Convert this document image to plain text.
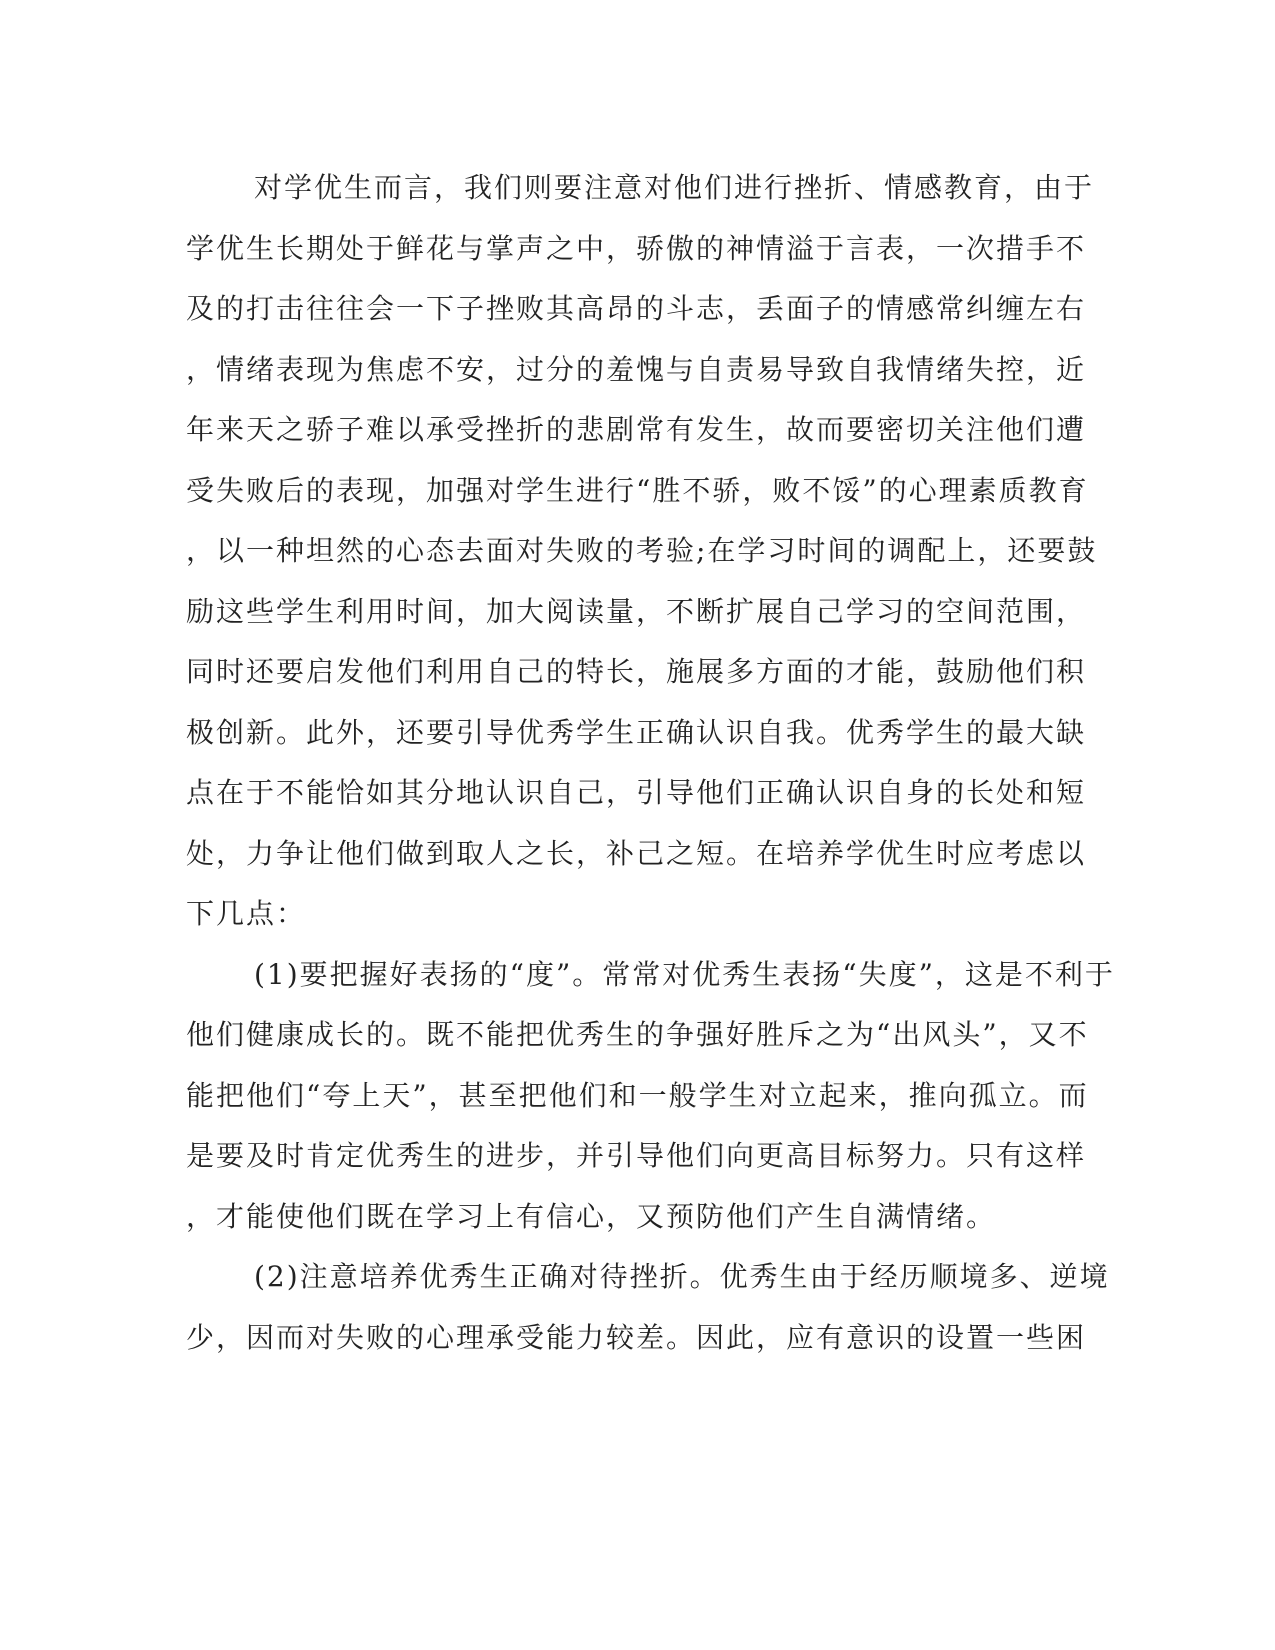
对学优生而言，我们则要注意对他们进行挫折、情感教育，由于
学优生长期处于鲜花与掌声之中，骄傲的神情溢于言表，一次措手不
及的打击往往会一下子挫败其高昂的斗志，丢面子的情感常纠缠左右
，情绪表现为焦虑不安，过分的羞愧与自责易导致自我情绪失控，近
年来天之骄子难以承受挫折的悲剧常有发生，故而要密切关注他们遭
受失败后的表现，加强对学生进行“胜不骄，败不馁”的心理素质教育
，以一种坦然的心态去面对失败的考验;在学习时间的调配上，还要鼓
励这些学生利用时间，加大阅读量，不断扩展自己学习的空间范围，
同时还要启发他们利用自己的特长，施展多方面的才能，鼓励他们积
极创新。此外，还要引导优秀学生正确认识自我。优秀学生的最大缺
点在于不能恰如其分地认识自己，引导他们正确认识自身的长处和短
处，力争让他们做到取人之长，补己之短。在培养学优生时应考虑以
下几点：
(1)要把握好表扬的“度”。常常对优秀生表扬“失度”，这是不利于
他们健康成长的。既不能把优秀生的争强好胜斥之为“出风头”，又不
能把他们“夸上天”，甚至把他们和一般学生对立起来，推向孤立。而
是要及时肯定优秀生的进步，并引导他们向更高目标努力。只有这样
，才能使他们既在学习上有信心，又预防他们产生自满情绪。
(2)注意培养优秀生正确对待挫折。优秀生由于经历顺境多、逆境
少，因而对失败的心理承受能力较差。因此，应有意识的设置一些困
